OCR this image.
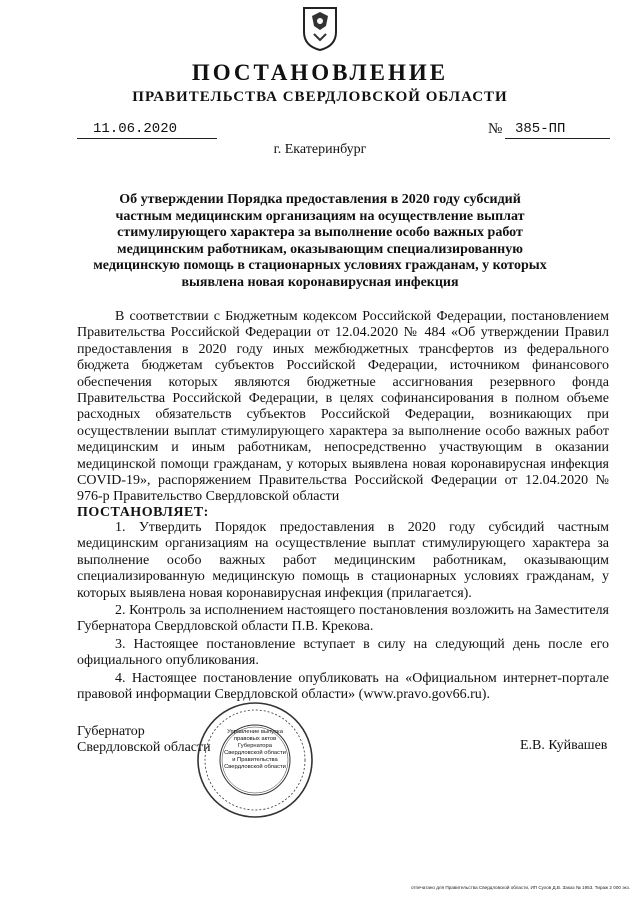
ПОСТАНОВЛЕНИЕ
ПРАВИТЕЛЬСТВА СВЕРДЛОВСКОЙ ОБЛАСТИ
11.06.2020	№ 385-ПП
г. Екатеринбург
Об утверждении Порядка предоставления в 2020 году субсидий частным медицинским организациям на осуществление выплат стимулирующего характера за выполнение особо важных работ медицинским работникам, оказывающим специализированную медицинскую помощь в стационарных условиях гражданам, у которых выявлена новая коронавирусная инфекция
В соответствии с Бюджетным кодексом Российской Федерации, постановлением Правительства Российской Федерации от 12.04.2020 № 484 «Об утверждении Правил предоставления в 2020 году иных межбюджетных трансфертов из федерального бюджета бюджетам субъектов Российской Федерации, источником финансового обеспечения которых являются бюджетные ассигнования резервного фонда Правительства Российской Федерации, в целях софинансирования в полном объеме расходных обязательств субъектов Российской Федерации, возникающих при осуществлении выплат стимулирующего характера за выполнение особо важных работ медицинским и иным работникам, непосредственно участвующим в оказании медицинской помощи гражданам, у которых выявлена новая коронавирусная инфекция COVID-19», распоряжением Правительства Российской Федерации от 12.04.2020 № 976-р Правительство Свердловской области
ПОСТАНОВЛЯЕТ:

1. Утвердить Порядок предоставления в 2020 году субсидий частным медицинским организациям на осуществление выплат стимулирующего характера за выполнение особо важных работ медицинским работникам, оказывающим специализированную медицинскую помощь в стационарных условиях гражданам, у которых выявлена новая коронавирусная инфекция (прилагается).

2. Контроль за исполнением настоящего постановления возложить на Заместителя Губернатора Свердловской области П.В. Крекова.

3. Настоящее постановление вступает в силу на следующий день после его официального опубликования.

4. Настоящее постановление опубликовать на «Официальном интернет-портале правовой информации Свердловской области» (www.pravo.gov66.ru).

Губернатор
Свердловской области
Управление выпуска правовых актов Губернатора Свердловской области и Правительства Свердловской области
Е.В. Куйвашев
отпечатано для Правительства Свердловской области, ИП Сухов Д.В. Заказ № 1953. Тираж 2 000 экз.
